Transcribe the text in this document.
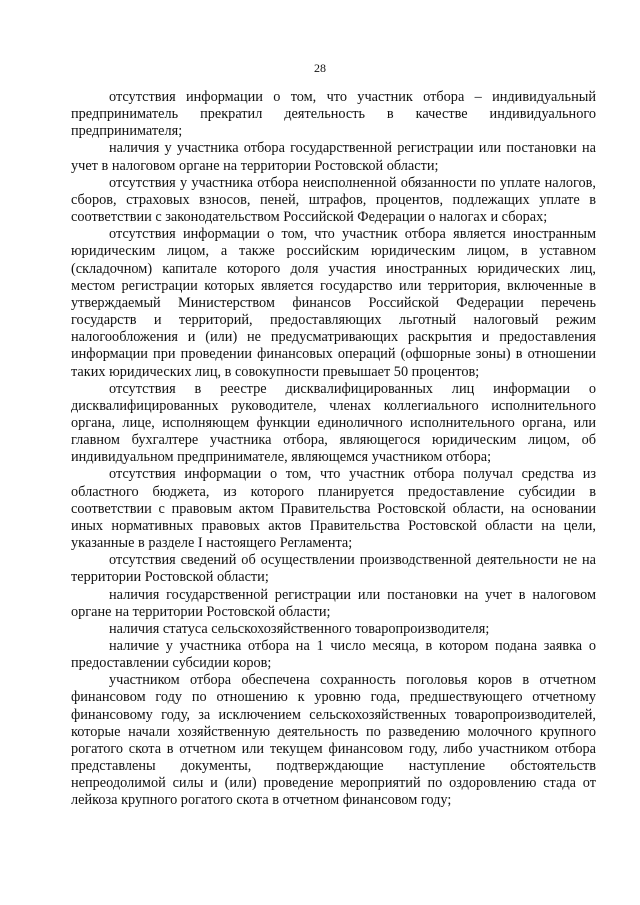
28

отсутствия информации о том, что участник отбора – индивидуальный предприниматель прекратил деятельность в качестве индивидуального предпринимателя;

наличия у участника отбора государственной регистрации или постановки на учет в налоговом органе на территории Ростовской области;

отсутствия у участника отбора неисполненной обязанности по уплате налогов, сборов, страховых взносов, пеней, штрафов, процентов, подлежащих уплате в соответствии с законодательством Российской Федерации о налогах и сборах;

отсутствия информации о том, что участник отбора является иностранным юридическим лицом, а также российским юридическим лицом, в уставном (складочном) капитале которого доля участия иностранных юридических лиц, местом регистрации которых является государство или территория, включенные в утверждаемый Министерством финансов Российской Федерации перечень государств и территорий, предоставляющих льготный налоговый режим налогообложения и (или) не предусматривающих раскрытия и предоставления информации при проведении финансовых операций (офшорные зоны) в отношении таких юридических лиц, в совокупности превышает 50 процентов;

отсутствия в реестре дисквалифицированных лиц информации о дисквалифицированных руководителе, членах коллегиального исполнительного органа, лице, исполняющем функции единоличного исполнительного органа, или главном бухгалтере участника отбора, являющегося юридическим лицом, об индивидуальном предпринимателе, являющемся участником отбора;

отсутствия информации о том, что участник отбора получал средства из областного бюджета, из которого планируется предоставление субсидии в соответствии с правовым актом Правительства Ростовской области, на основании иных нормативных правовых актов Правительства Ростовской области на цели, указанные в разделе I настоящего Регламента;

отсутствия сведений об осуществлении производственной деятельности не на территории Ростовской области;

наличия государственной регистрации или постановки на учет в налоговом органе на территории Ростовской области;

наличия статуса сельскохозяйственного товаропроизводителя;

наличие у участника отбора на 1 число месяца, в котором подана заявка о предоставлении субсидии коров;

участником отбора обеспечена сохранность поголовья коров в отчетном финансовом году по отношению к уровню года, предшествующего отчетному финансовому году, за исключением сельскохозяйственных товаропроизводителей, которые начали хозяйственную деятельность по разведению молочного крупного рогатого скота в отчетном или текущем финансовом году, либо участником отбора представлены документы, подтверждающие наступление обстоятельств непреодолимой силы и (или) проведение мероприятий по оздоровлению стада от лейкоза крупного рогатого скота в отчетном финансовом году;
